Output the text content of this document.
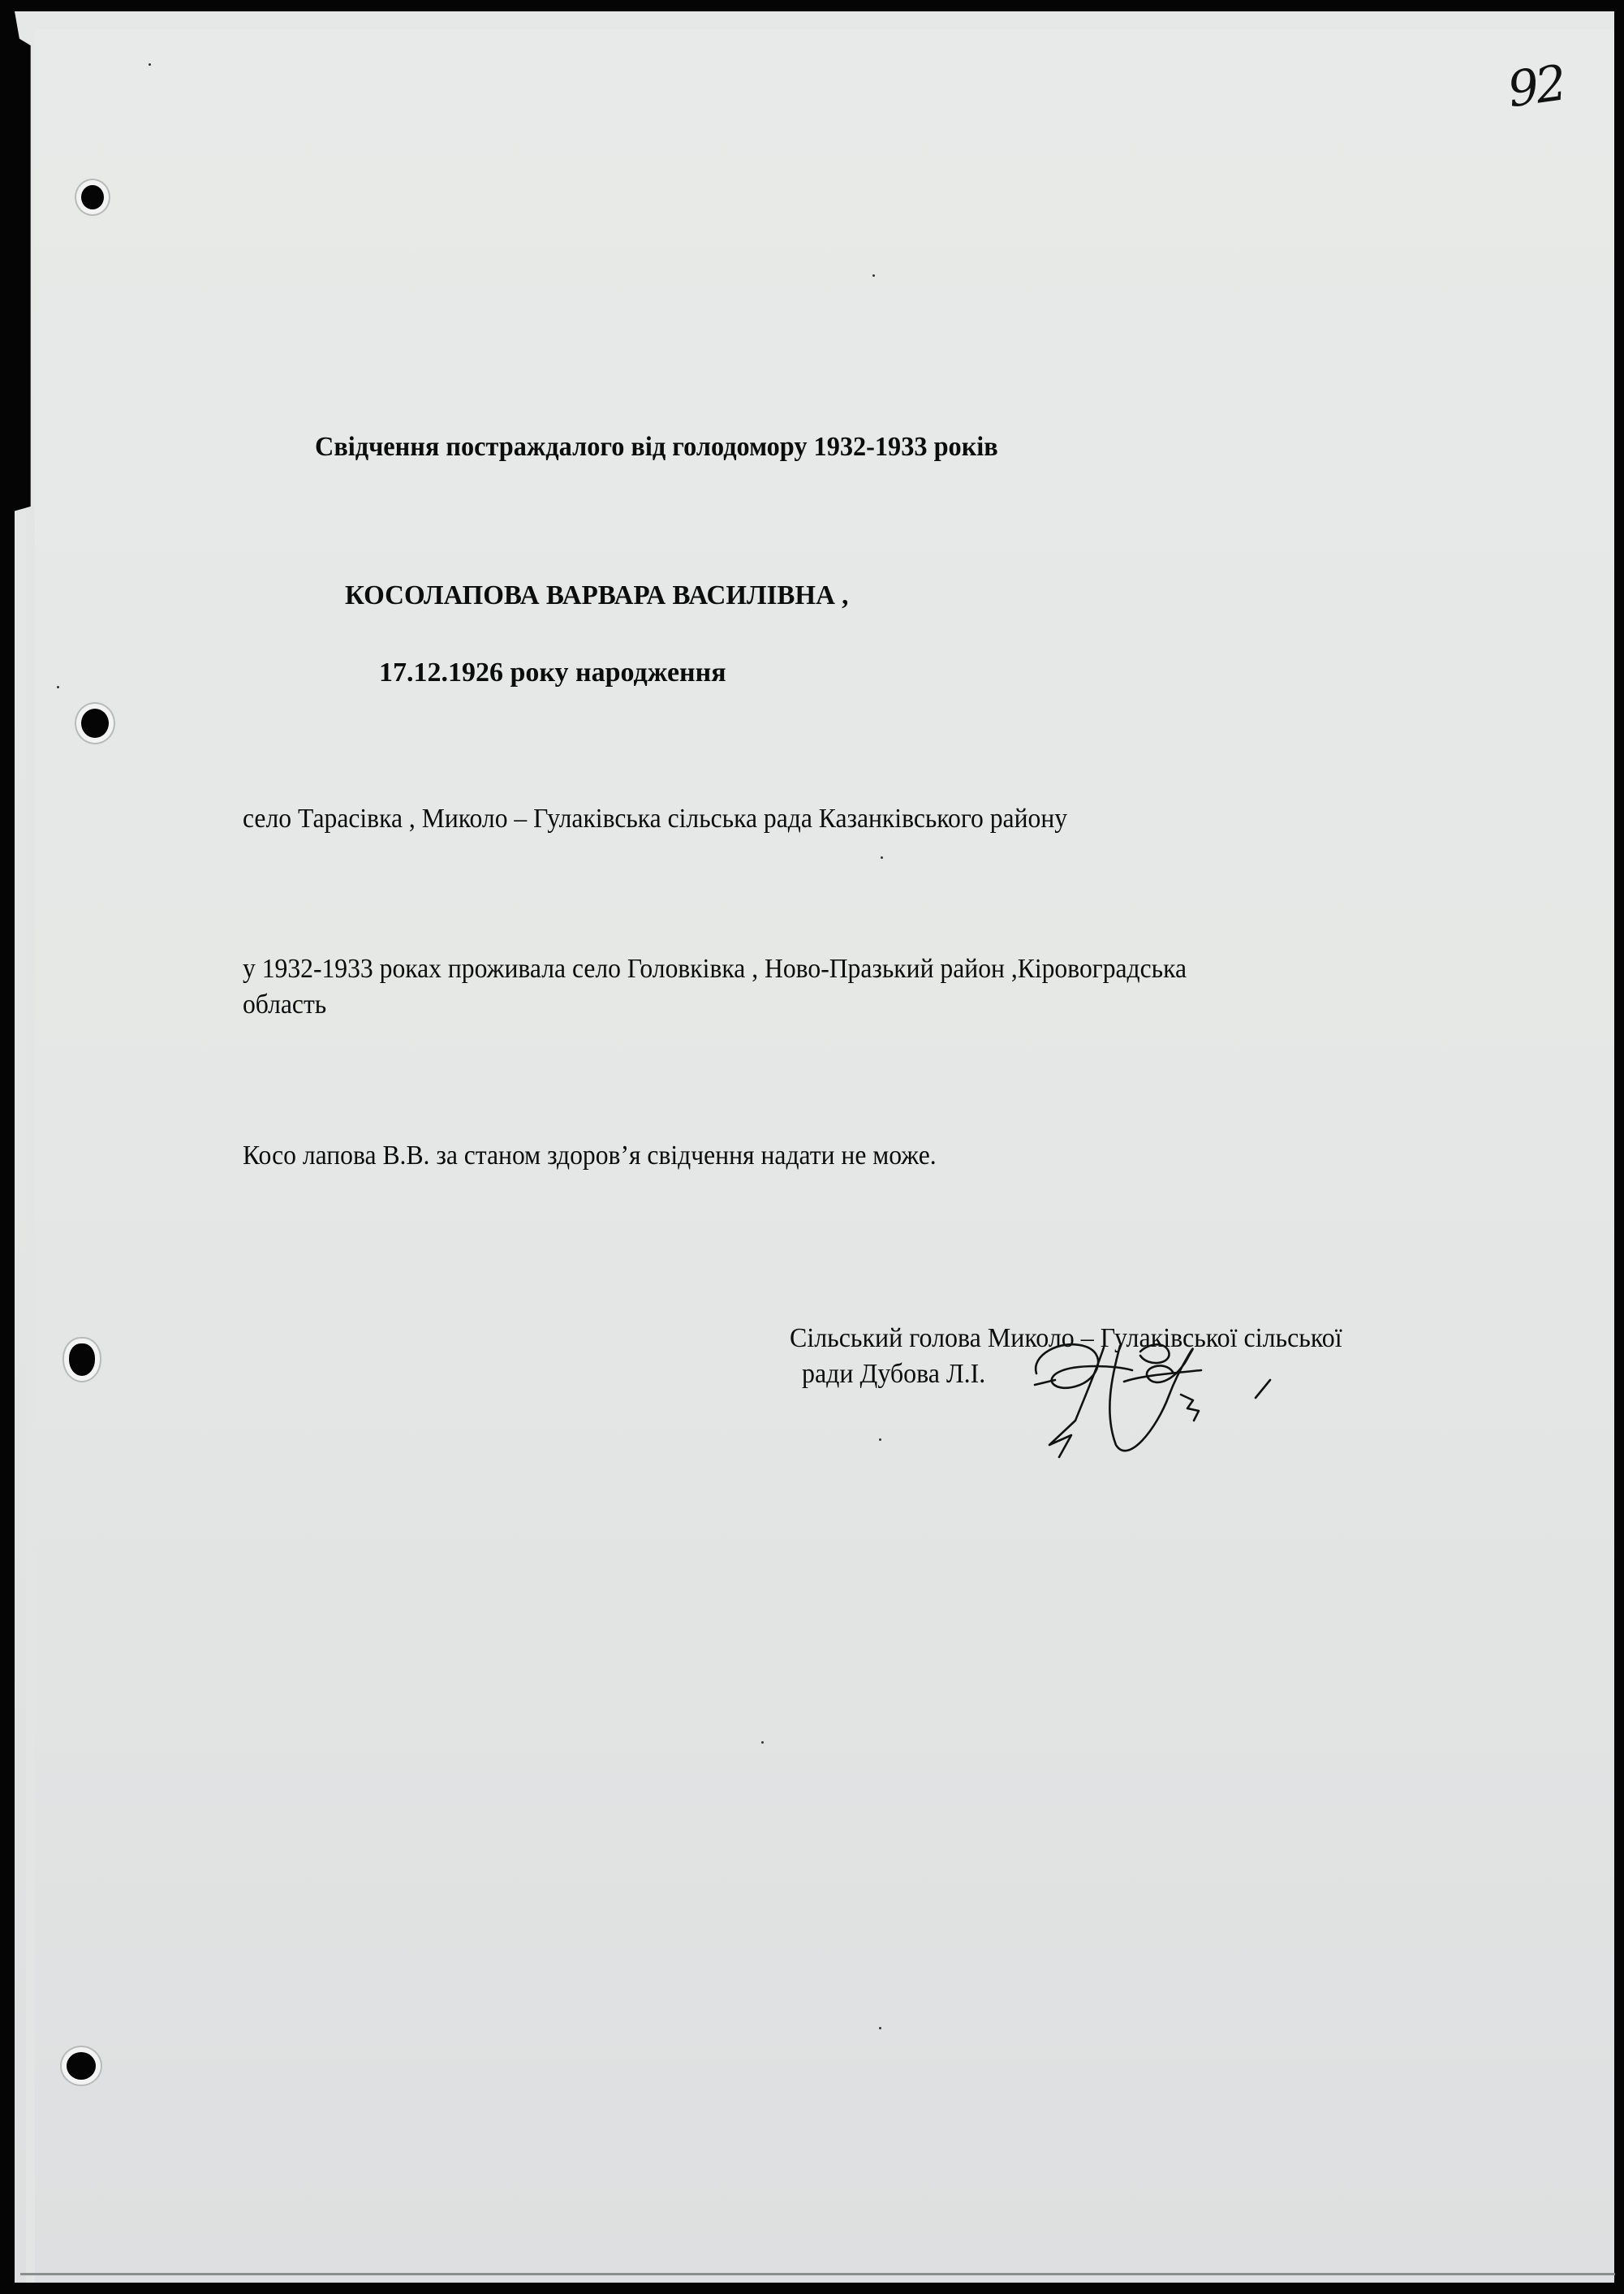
92
Свідчення постраждалого від голодомору 1932-1933 років
КОСОЛАПОВА ВАРВАРА ВАСИЛІВНА ,
17.12.1926 року народження
село Тарасівка , Миколо – Гулаківська сільська рада Казанківського району
у 1932-1933 роках проживала село Головківка , Ново-Празький район ,Кіровоградська
область
Косо лапова В.В. за станом здоров’я свідчення надати не може.
Сільський голова Миколо – Гулаківської сільської
ради Дубова Л.І.
